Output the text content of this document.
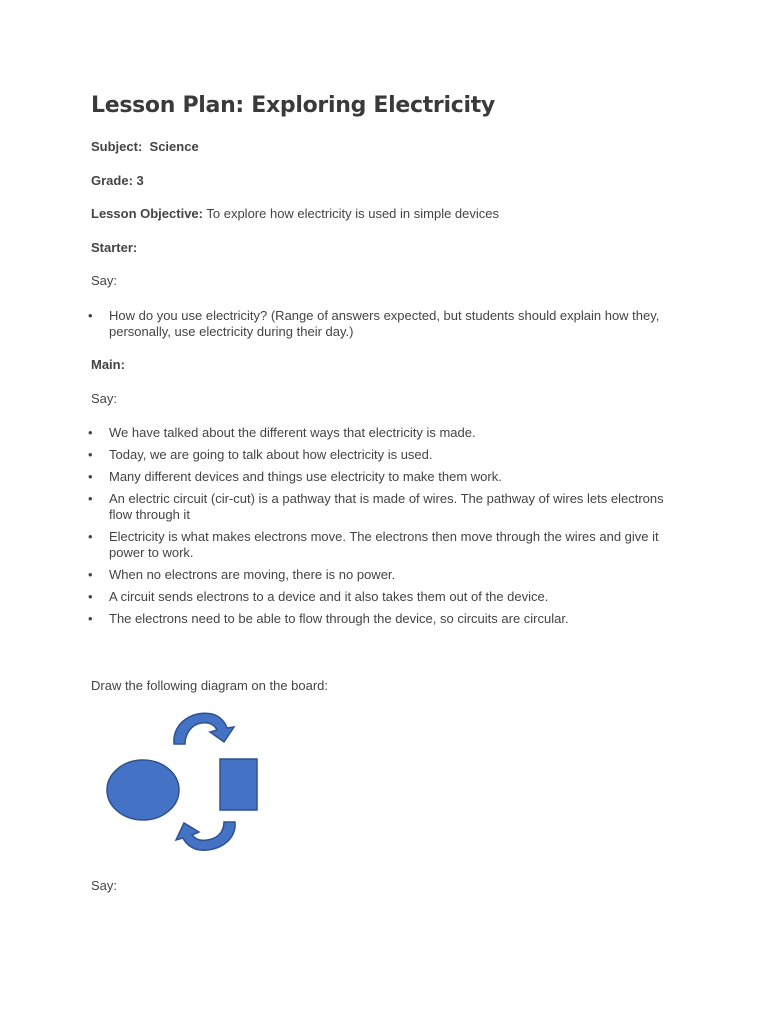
Lesson Plan: Exploring Electricity
Subject: Science
Grade: 3
Lesson Objective: To explore how electricity is used in simple devices
Starter:
Say:
• How do you use electricity? (Range of answers expected, but students should explain how they,
personally, use electricity during their day.)
Main:
Say:
• We have talked about the different ways that electricity is made.
• Today, we are going to talk about how electricity is used.
• Many different devices and things use electricity to make them work.
• An electric circuit (cir-cut) is a pathway that is made of wires. The pathway of wires lets electrons
flow through it
• Electricity is what makes electrons move. The electrons then move through the wires and give it
power to work.
• When no electrons are moving, there is no power.
• A circuit sends electrons to a device and it also takes them out of the device.
• The electrons need to be able to flow through the device, so circuits are circular.
Draw the following diagram on the board:
Say:
